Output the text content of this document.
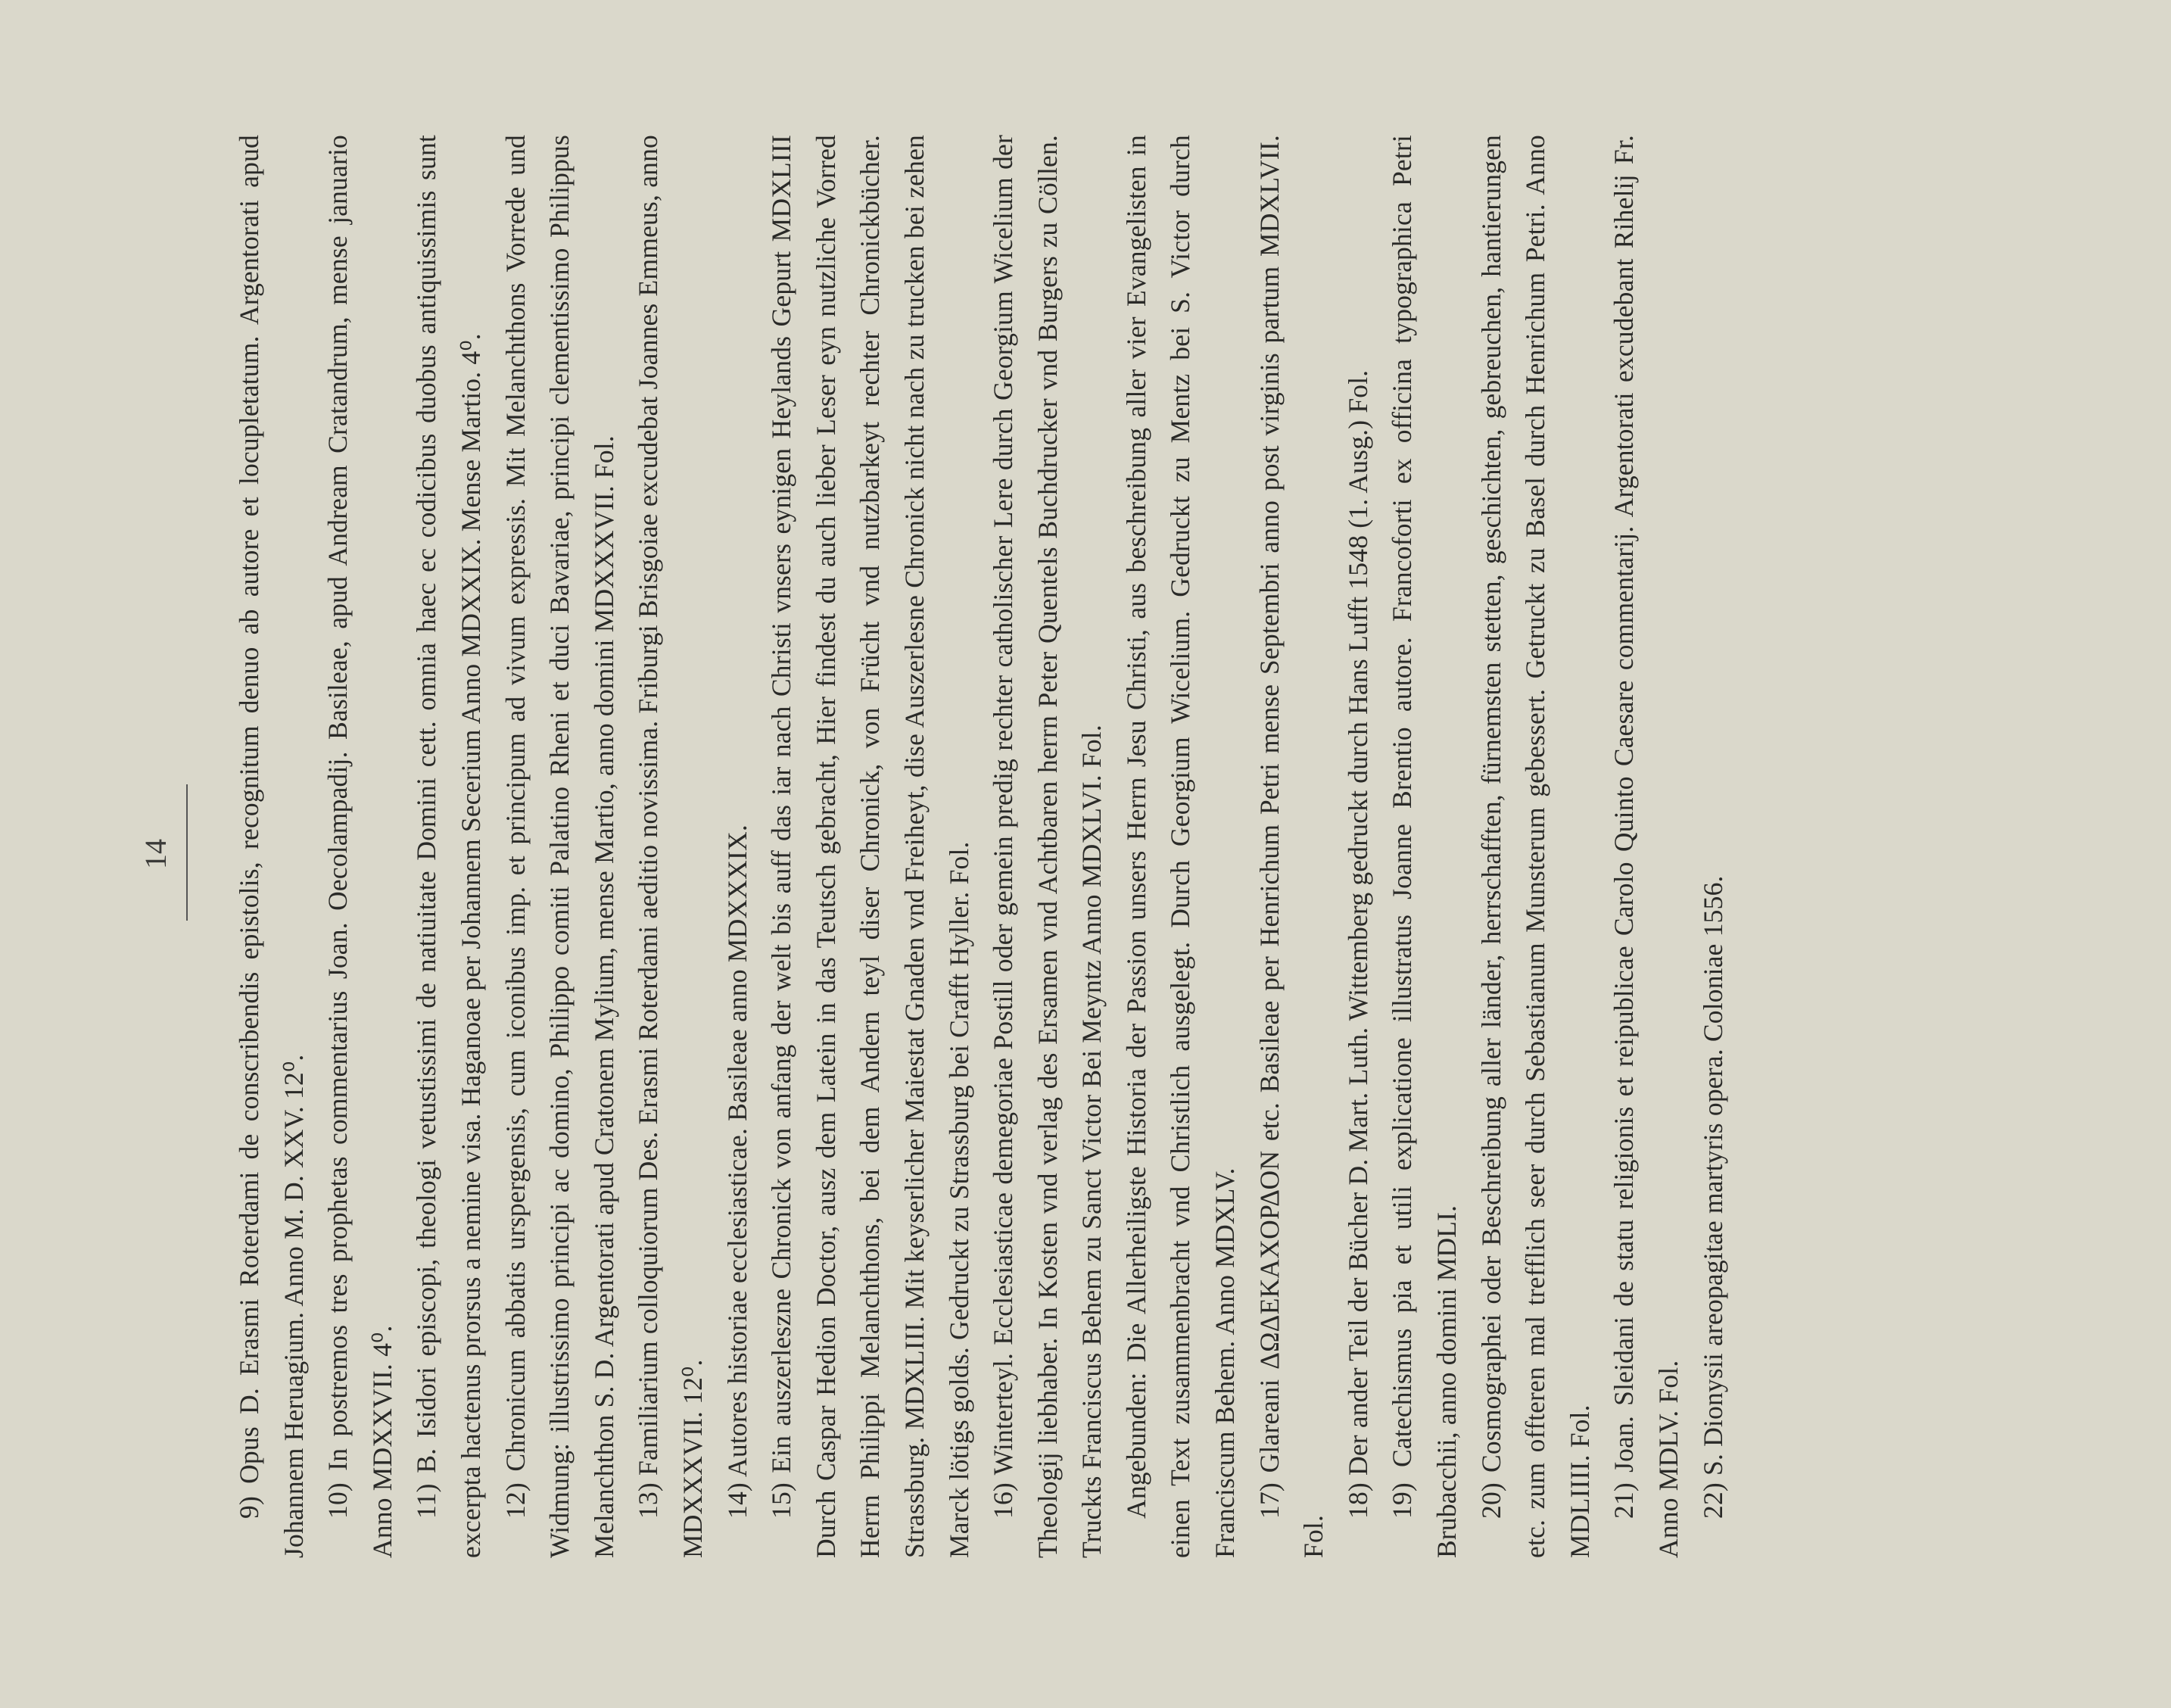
14 9) Opus D. Erasmi Roterdami de conscribendis epistolis, recognitum denuo ab autore et locupletatum. Argentorati apud Johannem Heruagium. Anno M. D. XXV. 12⁰. 10) In postremos tres prophetas commentarius Joan. Oecolampadij. Basileae, apud Andream Cratandrum, mense januario Anno MDXXVII. 4⁰. 11) B. Isidori episcopi, theologi vetustissimi de natiuitate Domini cett. omnia haec ec codicibus duobus antiquissimis sunt excerpta hactenus prorsus a nemine visa. Haganoae per Johannem Secerium Anno MDXXIX. Mense Martio. 4⁰. 12) Chronicum abbatis urspergensis, cum iconibus imp. et principum ad vivum expressis. Mit Melanchthons Vorrede und Widmung: illustrissimo principi ac domino, Philippo comiti Palatino Rheni et duci Bavariae, principi clementissimo Philippus Melanchthon S. D. Argentorati apud Cratonem Mylium, mense Martio, anno domini MDXXXVII. Fol. 13) Familiarium colloquiorum Des. Erasmi Roterdami aeditio novissima. Friburgi Brisgoiae excudebat Joannes Emmeus, anno MDXXXVII. 12⁰. 14) Autores historiae ecclesiasticae. Basileae anno MDXXXIX. 15) Ein auszerleszne Chronick von anfang der welt bis auff das iar nach Christi vnsers eynigen Heylands Gepurt MDXLIII Durch Caspar Hedion Doctor, ausz dem Latein in das Teutsch gebracht, Hier findest du auch lieber Leser eyn nutzliche Vorred Herrn Philippi Melanchthons, bei dem Andern teyl diser Chronick, von Frücht vnd nutzbarkeyt rechter Chronickbücher. Strassburg. MDXLIII. Mit keyserlicher Maiestat Gnaden vnd Freiheyt, dise Auszerlesne Chronick nicht nach zu trucken bei zehen Marck lötigs golds. Gedruckt zu Strassburg bei Crafft Hyller. Fol. 16) Winterteyl. Ecclesiasticae demegoriae Postill oder gemein predig rechter catholischer Lere durch Georgium Wicelium der Theologij liebhaber. In Kosten vnd verlag des Ersamen vnd Achtbaren herrn Peter Quentels Buchdrucker vnd Burgers zu Cöllen. Truckts Franciscus Behem zu Sanct Victor Bei Meyntz Anno MDXLVI. Fol. Angebunden: Die Allerheiligste Historia der Passion unsers Herrn Jesu Christi, aus beschreibung aller vier Evangelisten in einen Text zusammenbracht vnd Christlich ausgelegt. Durch Georgium Wicelium. Gedruckt zu Mentz bei S. Victor durch Franciscum Behem. Anno MDXLV. 17) Glareani ΔΩΔΕΚΑΧΟΡΔΟΝ etc. Basileae per Henrichum Petri mense Septembri anno post virginis partum MDXLVII. Fol.

18) Der ander Teil der Bücher D. Mart. Luth. Wittemberg gedruckt durch Hans Lufft 1548 (1. Ausg.) Fol. 19) Catechismus pia et utili explicatione illustratus Joanne Brentio autore. Francoforti ex officina typographica Petri Brubacchii, anno domini MDLI. 20) Cosmographei oder Beschreibung aller länder, herrschafften, fürnemsten stetten, geschichten, gebreuchen, hantierungen etc. zum offteren mal trefflich seer durch Sebastianum Munsterum gebessert. Getruckt zu Basel durch Henrichum Petri. Anno MDLIIII. Fol. 21) Joan. Sleidani de statu religionis et reipublicae Carolo Quinto Caesare commentarij. Argentorati excudebant Rihelij Fr. Anno MDLV. Fol. 22) S. Dionysii areopagitae martyris opera. Coloniae 1556.
